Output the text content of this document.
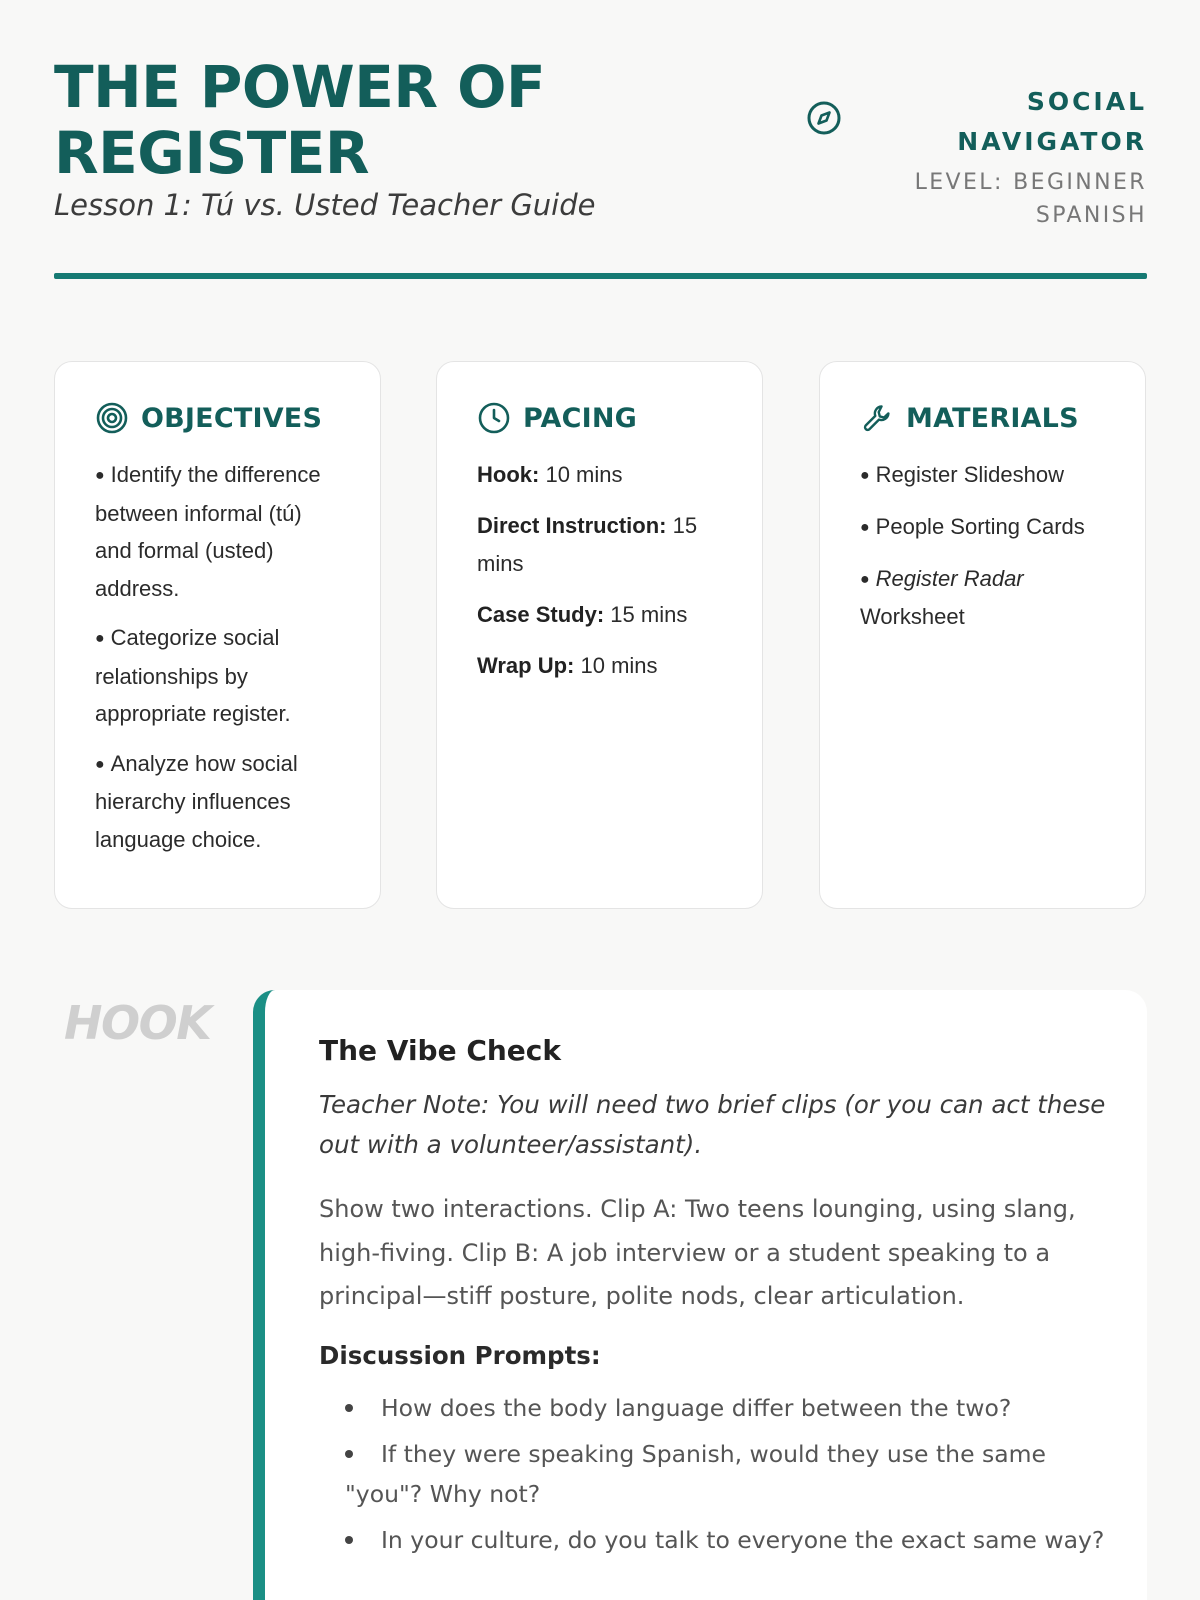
THE POWER OF REGISTER
Lesson 1: Tú vs. Usted Teacher Guide
SOCIAL NAVIGATOR
LEVEL: BEGINNER SPANISH
OBJECTIVES
● Identify the difference between informal (tú) and formal (usted) address.
● Categorize social relationships by appropriate register.
● Analyze how social hierarchy influences language choice.
PACING
Hook: 10 mins
Direct Instruction: 15 mins
Case Study: 15 mins
Wrap Up: 10 mins
MATERIALS
● Register Slideshow
● People Sorting Cards
● Register Radar
Worksheet
HOOK
The Vibe Check
Teacher Note: You will need two brief clips (or you can act these out with a volunteer/assistant).
Show two interactions. Clip A: Two teens lounging, using slang, high-fiving. Clip B: A job interview or a student speaking to a principal—stiff posture, polite nods, clear articulation.
Discussion Prompts:
How does the body language differ between the two?
If they were speaking Spanish, would they use the same "you"? Why not?
In your culture, do you talk to everyone the exact same way?
